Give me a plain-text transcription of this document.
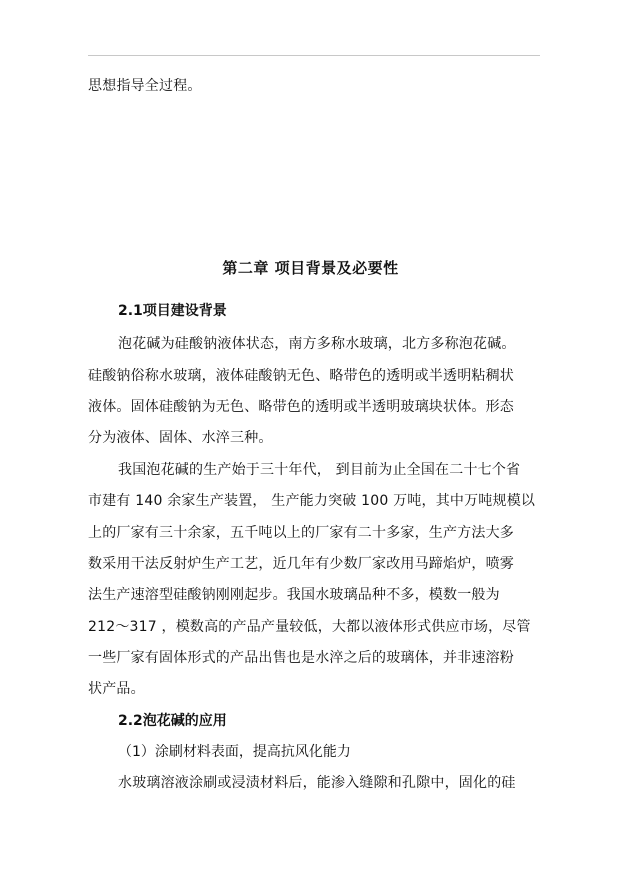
思想指导全过程。
第二章 项目背景及必要性
2.1项目建设背景
泡花碱为硅酸钠液体状态，南方多称水玻璃，北方多称泡花碱。
硅酸钠俗称水玻璃，液体硅酸钠无色、略带色的透明或半透明粘稠状
液体。固体硅酸钠为无色、略带色的透明或半透明玻璃块状体。形态
分为液体、固体、水淬三种。
我国泡花碱的生产始于三十年代， 到目前为止全国在二十七个省
市建有 140 余家生产装置， 生产能力突破 100 万吨，其中万吨规模以
上的厂家有三十余家，五千吨以上的厂家有二十多家，生产方法大多
数采用干法反射炉生产工艺，近几年有少数厂家改用马蹄焰炉，喷雾
法生产速溶型硅酸钠刚刚起步。我国水玻璃品种不多，模数一般为
212～317 ，模数高的产品产量较低，大都以液体形式供应市场，尽管
一些厂家有固体形式的产品出售也是水淬之后的玻璃体，并非速溶粉
状产品。
2.2泡花碱的应用
（1）涂刷材料表面，提高抗风化能力
水玻璃溶液涂刷或浸渍材料后，能渗入缝隙和孔隙中，固化的硅
